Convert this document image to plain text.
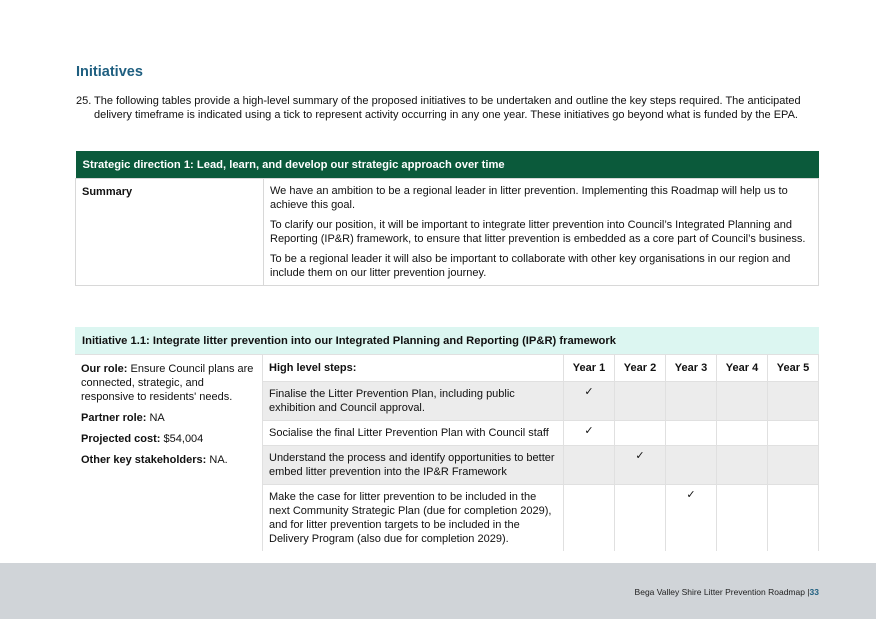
Initiatives

25. The following tables provide a high-level summary of the proposed initiatives to be undertaken and outline the key steps required. The anticipated delivery timeframe is indicated using a tick to represent activity occurring in any one year. These initiatives go beyond what is funded by the EPA.

Strategic direction 1: Lead, learn, and develop our strategic approach over time
Summary	We have an ambition to be a regional leader in litter prevention. Implementing this Roadmap will help us to achieve this goal.

To clarify our position, it will be important to integrate litter prevention into Council’s Integrated Planning and Reporting (IP&R) framework, to ensure that litter prevention is embedded as a core part of Council’s business.

To be a regional leader it will also be important to collaborate with other key organisations in our region and include them on our litter prevention journey.

Initiative 1.1: Integrate litter prevention into our Integrated Planning and Reporting (IP&R) framework						

Our role: Ensure Council plans are connected, strategic, and responsive to residents' needs.

Partner role: NA

Projected cost: $54,004

Other key stakeholders: NA.	High level steps:	Year 1	Year 2	Year 3	Year 4	Year 5
	Finalise the Litter Prevention Plan, including public exhibition and Council approval.	✓				
	Socialise the final Litter Prevention Plan with Council staff	✓				
	Understand the process and identify opportunities to better embed litter prevention into the IP&R Framework		✓			
	Make the case for litter prevention to be included in the next Community Strategic Plan (due for completion 2029), and for litter prevention targets to be included in the Delivery Program (also due for completion 2029).			✓		
Bega Valley Shire Litter Prevention Roadmap |33
